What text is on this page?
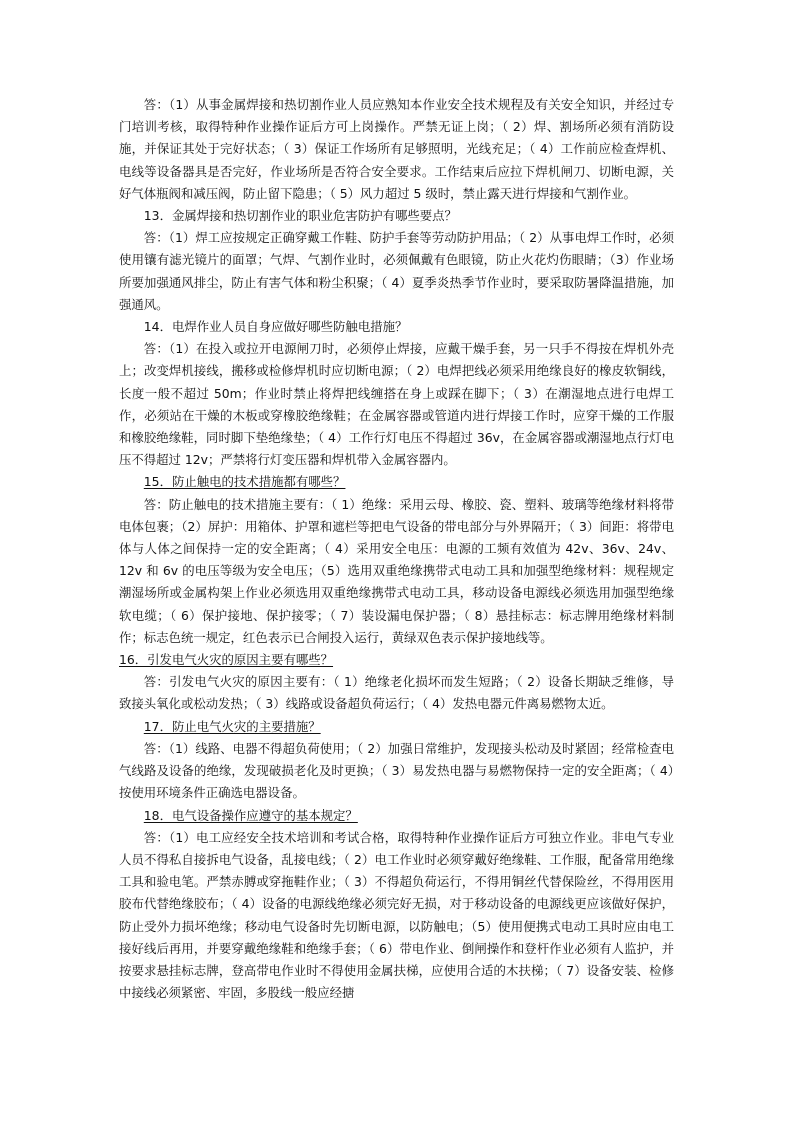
答：（1）从事金属焊接和热切割作业人员应熟知本作业安全技术规程及有关安全知识，并经过专门培训考核，取得特种作业操作证后方可上岗操作。严禁无证上岗；（ 2）焊、割场所必须有消防设施，并保证其处于完好状态；（ 3）保证工作场所有足够照明，光线充足；（ 4）工作前应检查焊机、电线等设备器具是否完好，作业场所是否符合安全要求。工作结束后应拉下焊机闸刀、切断电源，关好气体瓶阀和减压阀，防止留下隐患；（ 5）风力超过 5 级时，禁止露天进行焊接和气割作业。

13．金属焊接和热切割作业的职业危害防护有哪些要点？

答：（1）焊工应按规定正确穿戴工作鞋、防护手套等劳动防护用品；（ 2）从事电焊工作时，必须使用镶有滤光镜片的面罩；气焊、气割作业时，必须佩戴有色眼镜，防止火花灼伤眼睛；（3）作业场所要加强通风排尘，防止有害气体和粉尘积聚；（ 4）夏季炎热季节作业时，要采取防暑降温措施，加强通风。

14．电焊作业人员自身应做好哪些防触电措施？

答：（1）在投入或拉开电源闸刀时，必须停止焊接，应戴干燥手套，另一只手不得按在焊机外壳上；改变焊机接线，搬移或检修焊机时应切断电源；（ 2）电焊把线必须采用绝缘良好的橡皮软铜线，长度一般不超过 50m；作业时禁止将焊把线缠搭在身上或踩在脚下；（ 3）在潮湿地点进行电焊工作，必须站在干燥的木板或穿橡胶绝缘鞋；在金属容器或管道内进行焊接工作时，应穿干燥的工作服和橡胶绝缘鞋，同时脚下垫绝缘垫；（ 4）工作行灯电压不得超过 36v，在金属容器或潮湿地点行灯电压不得超过 12v；严禁将行灯变压器和焊机带入金属容器内。

15．防止触电的技术措施都有哪些？

答：防止触电的技术措施主要有：（ 1）绝缘：采用云母、橡胶、瓷、塑料、玻璃等绝缘材料将带电体包裹；（2）屏护：用箱体、护罩和遮栏等把电气设备的带电部分与外界隔开；（ 3）间距：将带电体与人体之间保持一定的安全距离；（ 4）采用安全电压：电源的工频有效值为 42v、36v、24v、12v 和 6v 的电压等级为安全电压；（5）选用双重绝缘携带式电动工具和加强型绝缘材料：规程规定潮湿场所或金属构架上作业必须选用双重绝缘携带式电动工具，移动设备电源线必须选用加强型绝缘软电缆；（ 6）保护接地、保护接零；（ 7）装设漏电保护器；（ 8）悬挂标志：标志牌用绝缘材料制作；标志色统一规定，红色表示已合闸投入运行，黄绿双色表示保护接地线等。

16．引发电气火灾的原因主要有哪些？

答：引发电气火灾的原因主要有：（ 1）绝缘老化损坏而发生短路；（ 2）设备长期缺乏维修，导致接头氧化或松动发热；（ 3）线路或设备超负荷运行；（ 4）发热电器元件离易燃物太近。

17．防止电气火灾的主要措施？

答：（1）线路、电器不得超负荷使用；（ 2）加强日常维护，发现接头松动及时紧固；经常检查电气线路及设备的绝缘，发现破损老化及时更换；（ 3）易发热电器与易燃物保持一定的安全距离；（ 4）按使用环境条件正确选电器设备。

18．电气设备操作应遵守的基本规定？

答：（1）电工应经安全技术培训和考试合格，取得特种作业操作证后方可独立作业。非电气专业人员不得私自接拆电气设备，乱接电线；（ 2）电工作业时必须穿戴好绝缘鞋、工作服，配备常用绝缘工具和验电笔。严禁赤膊或穿拖鞋作业；（ 3）不得超负荷运行，不得用铜丝代替保险丝，不得用医用胶布代替绝缘胶布；（ 4）设备的电源线绝缘必须完好无损，对于移动设备的电源线更应该做好保护，防止受外力损坏绝缘；移动电气设备时先切断电源，以防触电；（5）使用便携式电动工具时应由电工接好线后再用，并要穿戴绝缘鞋和绝缘手套；（ 6）带电作业、倒闸操作和登杆作业必须有人监护，并按要求悬挂标志牌，登高带电作业时不得使用金属扶梯，应使用合适的木扶梯；（ 7）设备安装、检修中接线必须紧密、牢固，多股线一般应经搪
